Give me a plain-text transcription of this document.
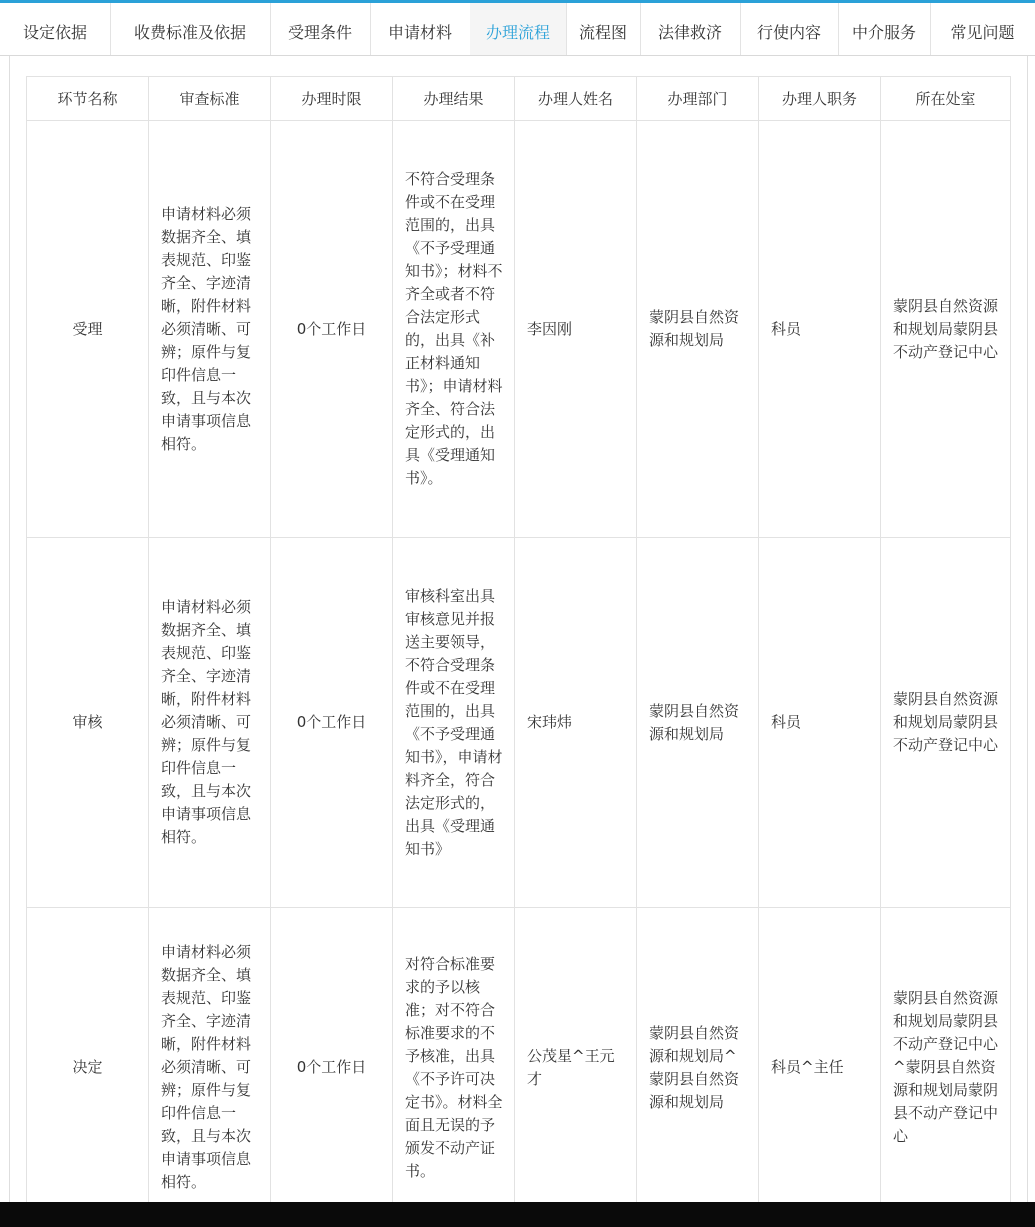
设定依据	收费标准及依据	受理条件	申请材料	办理流程	流程图	法律救济	行使内容	中介服务	常见问题
环节名称	审查标准	办理时限	办理结果	办理人姓名	办理部门	办理人职务	所在处室
受理	申请材料必须数据齐全、填表规范、印鉴齐全、字迹清晰，附件材料必须清晰、可辨；原件与复印件信息一致，且与本次申请事项信息相符。	0个工作日	不符合受理条件或不在受理范围的，出具《不予受理通知书》；材料不齐全或者不符合法定形式的，出具《补正材料通知书》；申请材料齐全、符合法定形式的，出具《受理通知书》。	李因刚	蒙阴县自然资源和规划局	科员	蒙阴县自然资源和规划局蒙阴县不动产登记中心
审核	申请材料必须数据齐全、填表规范、印鉴齐全、字迹清晰，附件材料必须清晰、可辨；原件与复印件信息一致，且与本次申请事项信息相符。	0个工作日	审核科室出具审核意见并报送主要领导，不符合受理条件或不在受理范围的，出具《不予受理通知书》，申请材料齐全，符合法定形式的，出具《受理通知书》	宋玮炜	蒙阴县自然资源和规划局	科员	蒙阴县自然资源和规划局蒙阴县不动产登记中心
决定	申请材料必须数据齐全、填表规范、印鉴齐全、字迹清晰，附件材料必须清晰、可辨；原件与复印件信息一致，且与本次申请事项信息相符。	0个工作日	对符合标准要求的予以核准；对不符合标准要求的不予核准，出具《不予许可决定书》。材料全面且无误的予颁发不动产证书。	公茂星^王元才	蒙阴县自然资源和规划局^蒙阴县自然资源和规划局	科员^主任	蒙阴县自然资源和规划局蒙阴县不动产登记中心^蒙阴县自然资源和规划局蒙阴县不动产登记中心
